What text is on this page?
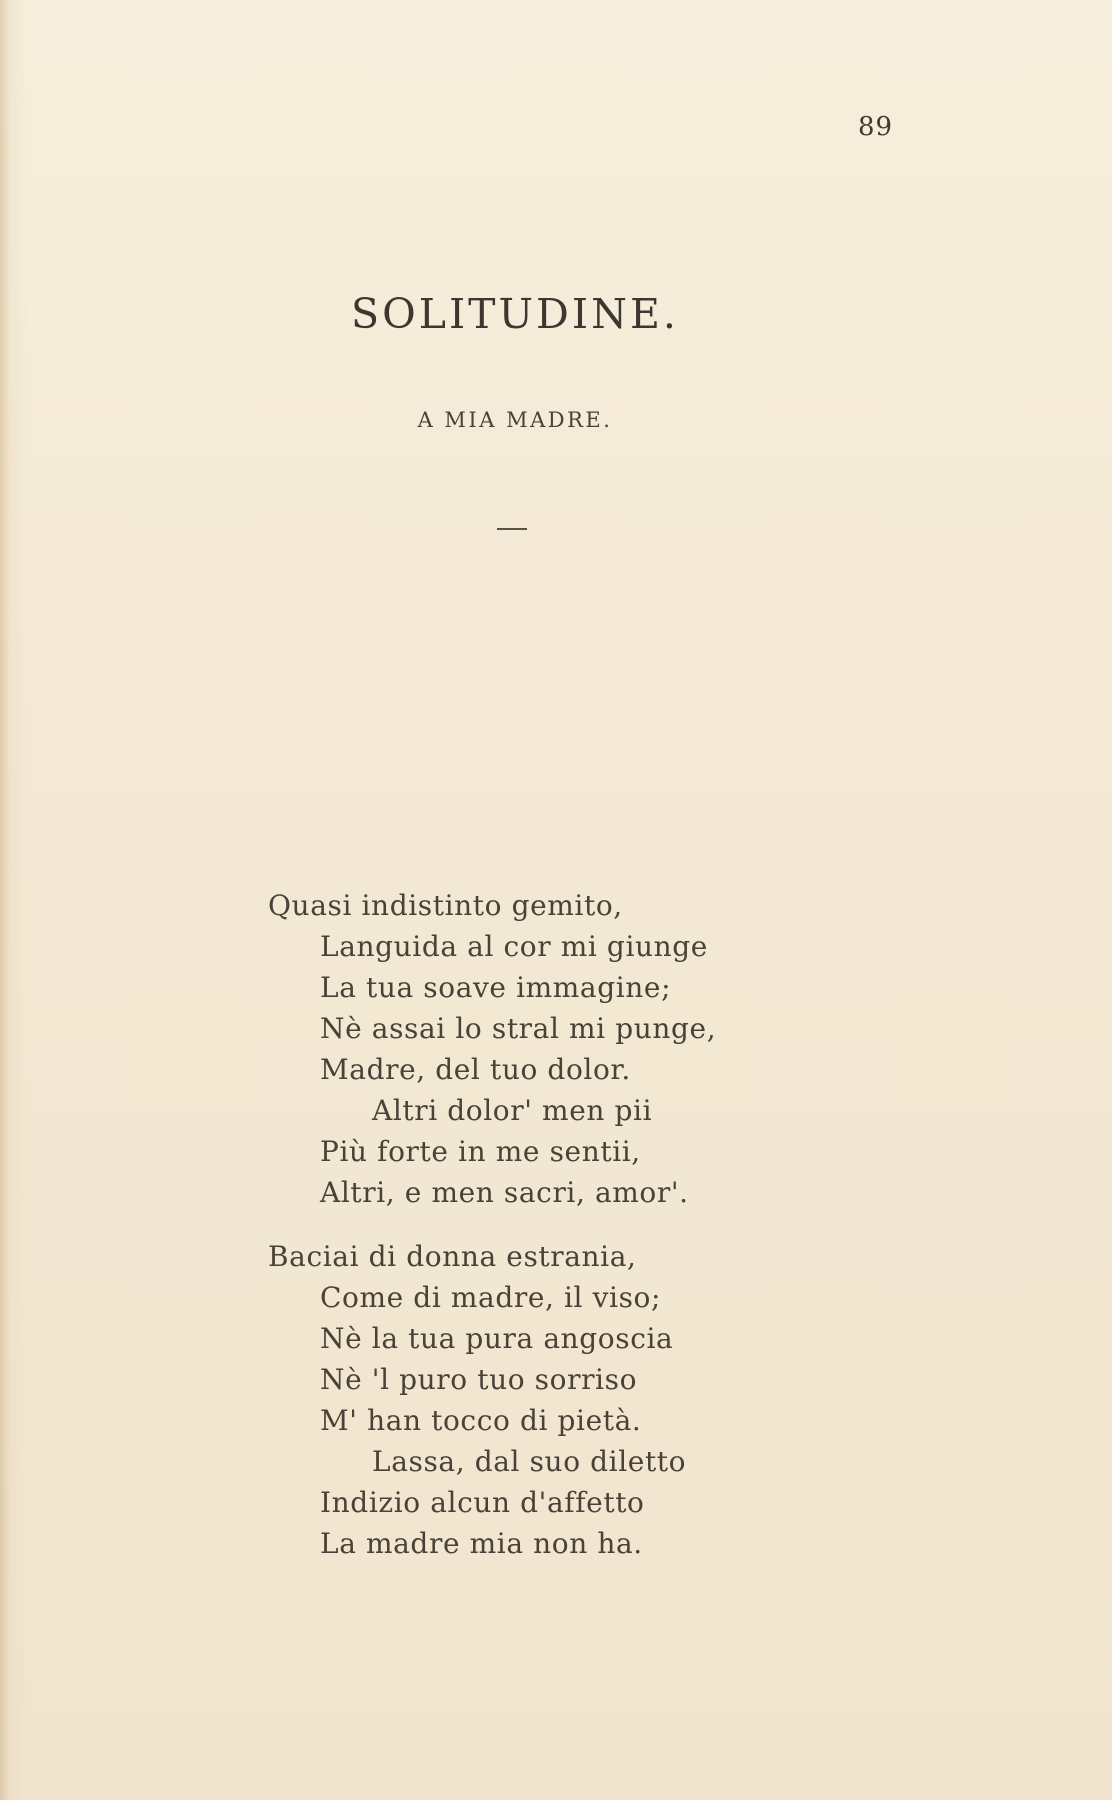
89
SOLITUDINE.
A MIA MADRE.
Quasi indistinto gemito,
Languida al cor mi giunge
La tua soave immagine;
Nè assai lo stral mi punge,
Madre, del tuo dolor.
Altri dolor' men pii
Più forte in me sentii,
Altri, e men sacri, amor'.
Baciai di donna estrania,
Come di madre, il viso;
Nè la tua pura angoscia
Nè 'l puro tuo sorriso
M' han tocco di pietà.
Lassa, dal suo diletto
Indizio alcun d'affetto
La madre mia non ha.
